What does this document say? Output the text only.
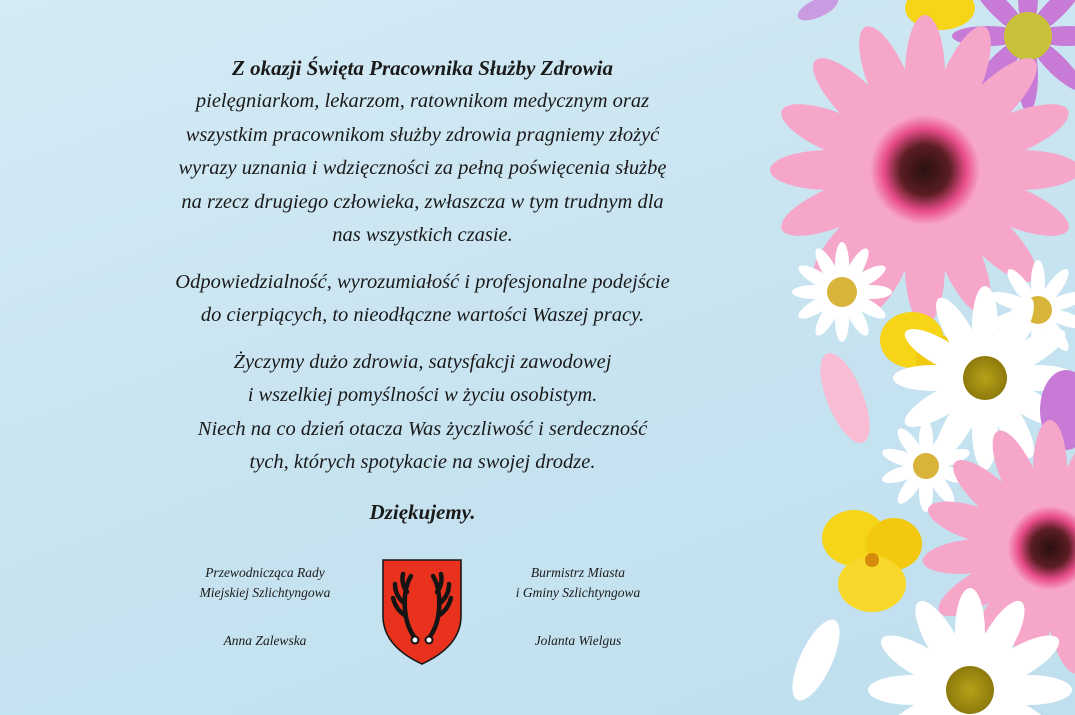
Z okazji Święta Pracownika Służby Zdrowia

pielęgniarkom, lekarzom, ratownikom medycznym oraz
wszystkim pracownikom służby zdrowia pragniemy złożyć
wyrazy uznania i wdzięczności za pełną poświęcenia służbę
na rzecz drugiego człowieka, zwłaszcza w tym trudnym dla
nas wszystkich czasie.

Odpowiedzialność, wyrozumiałość i profesjonalne podejście
do cierpiących, to nieodłączne wartości Waszej pracy.

Życzymy dużo zdrowia, satysfakcji zawodowej
i wszelkiej pomyślności w życiu osobistym.
Niech na co dzień otacza Was życzliwość i serdeczność
tych, których spotykacie na swojej drodze.

Dziękujemy.

Przewodnicząca Rady
Miejskiej Szlichtyngowa
Anna Zalewska
Burmistrz Miasta
i Gminy Szlichtyngowa
Jolanta Wielgus
